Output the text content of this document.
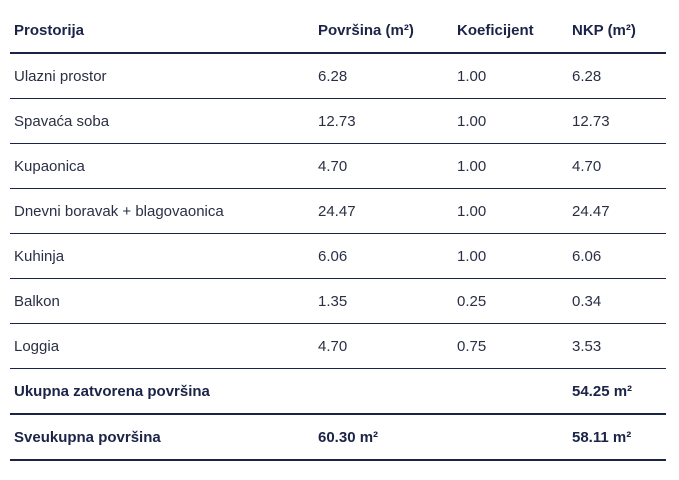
Prostorija	Površina (m²)	Koeficijent	NKP (m²)
Ulazni prostor	6.28	1.00	6.28
Spavaća soba	12.73	1.00	12.73
Kupaonica	4.70	1.00	4.70
Dnevni boravak + blagovaonica	24.47	1.00	24.47
Kuhinja	6.06	1.00	6.06
Balkon	1.35	0.25	0.34
Loggia	4.70	0.75	3.53
Ukupna zatvorena površina			54.25 m²
Sveukupna površina	60.30 m²		58.11 m²
